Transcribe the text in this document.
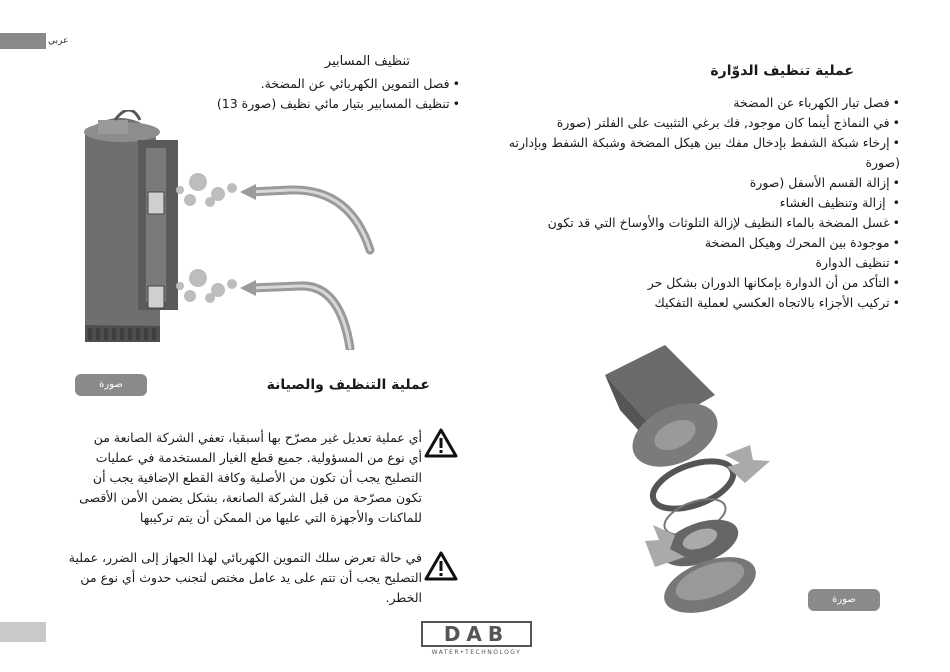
عربي
تنظيف المسابير
• فصل التموين الكهربائي عن المضخة.
• تنظيف المسابير بتيار مائي نظيف (صورة 13)
صورة	عملية التنظيف والصيانة
أي عملية تعديل غير مصرّح بها أسبقيا، تعفي الشركة الصانعة من
أي نوع من المسؤولية. جميع قطع الغيار المستخدمة في عمليات
التصليح يجب أن تكون من الأصلية وكافة القطع الإضافية يجب أن
تكون مصرّحة من قبل الشركة الصانعة، بشكل يضمن الأمن الأقصى
للماكنات والأجهزة التي عليها من الممكن أن يتم تركيبها
في حالة تعرض سلك التموين الكهربائي لهذا الجهاز إلى الضرر، عملية
التصليح يجب أن تتم على يد عامل مختص لتجنب حدوث أي نوع من
الخطر.
عملية تنظيف الدوّارة
• فصل تيار الكهرباء عن المضخة
• في النماذج أينما كان موجود, فك برغي التثبيت على الفلتر (صورة
• إرخاء شبكة الشفط بإدخال مفك بين هيكل المضخة وشبكة الشفط وبإدارته (صورة
• إزالة القسم الأسفل (صورة
• إزالة وتنظيف الغشاء
• غسل المضخة بالماء النظيف لإزالة التلوثات والأوساخ التي قد تكون
• موجودة بين المحرك وهيكل المضخة
• تنظيف الدوارة
• التأكد من أن الدوارة بإمكانها الدوران بشكل حر
• تركيب الأجزاء بالاتجاه العكسي لعملية التفكيك
صورة
DAB
WATER•TECHNOLOGY
